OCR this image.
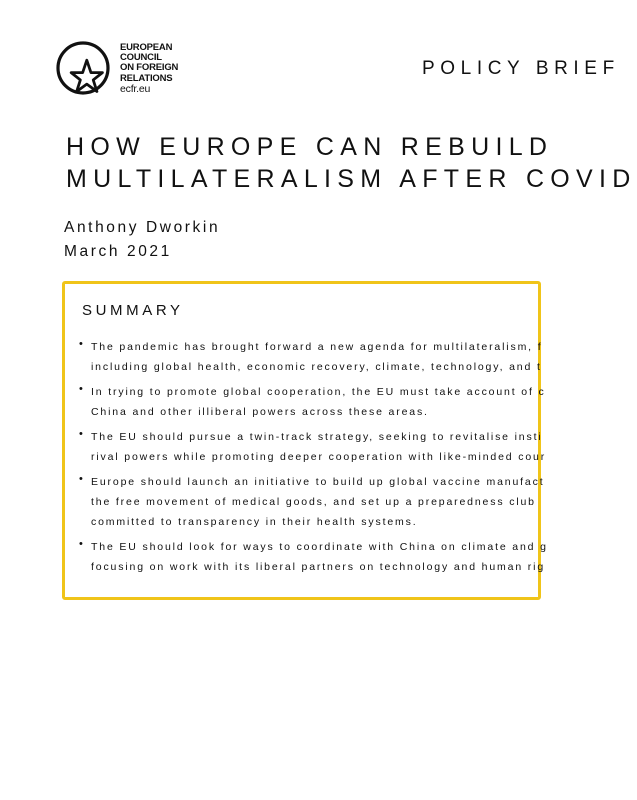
EUROPEAN
COUNCIL
ON FOREIGN
RELATIONS
ecfr.eu
POLICY BRIEF
HOW EUROPE CAN REBUILD
MULTILATERALISM AFTER COVID
Anthony Dworkin
March 2021
SUMMARY
• The pandemic has brought forward a new agenda for multilateralism, f
including global health, economic recovery, climate, technology, and t
• In trying to promote global cooperation, the EU must take account of c
China and other illiberal powers across these areas.
• The EU should pursue a twin-track strategy, seeking to revitalise insti
rival powers while promoting deeper cooperation with like-minded cour
• Europe should launch an initiative to build up global vaccine manufact
the free movement of medical goods, and set up a preparedness club
committed to transparency in their health systems.
• The EU should look for ways to coordinate with China on climate and g
focusing on work with its liberal partners on technology and human rig
